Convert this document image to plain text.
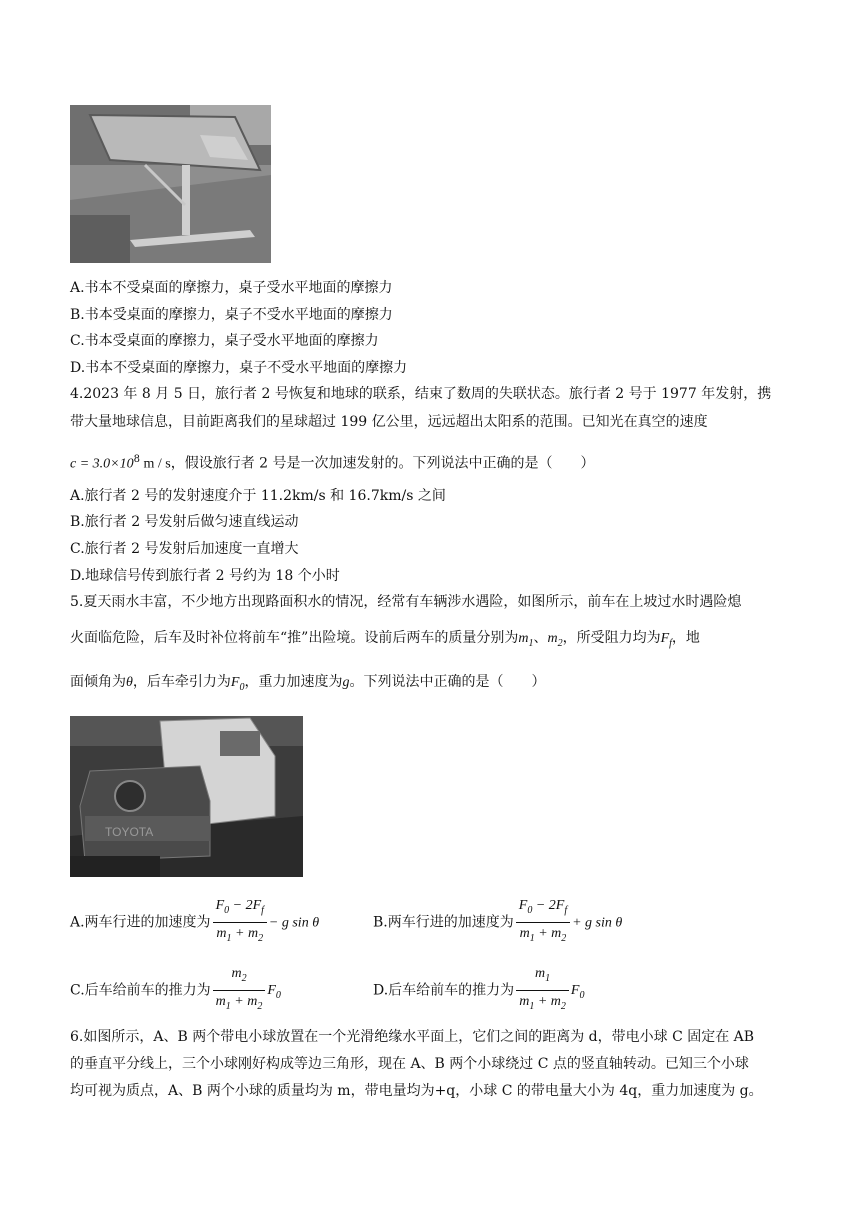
A.书本不受桌面的摩擦力，桌子受水平地面的摩擦力
B.书本受桌面的摩擦力，桌子不受水平地面的摩擦力
C.书本受桌面的摩擦力，桌子受水平地面的摩擦力
D.书本不受桌面的摩擦力，桌子不受水平地面的摩擦力
4.2023 年 8 月 5 日，旅行者 2 号恢复和地球的联系，结束了数周的失联状态。旅行者 2 号于 1977 年发射，携
带大量地球信息，目前距离我们的星球超过 199 亿公里，远远超出太阳系的范围。已知光在真空的速度
$c = 3.0\times 10^8$ m / s，假设旅行者 2 号是一次加速发射的。下列说法中正确的是（　　）
A.旅行者 2 号的发射速度介于 11.2km/s 和 16.7km/s 之间
B.旅行者 2 号发射后做匀速直线运动
C.旅行者 2 号发射后加速度一直增大
D.地球信号传到旅行者 2 号约为 18 个小时
5.夏天雨水丰富，不少地方出现路面积水的情况，经常有车辆涉水遇险，如图所示，前车在上坡过水时遇险熄
火面临危险，后车及时补位将前车“推”出险境。设前后两车的质量分别为$m_1$、$m_2$，所受阻力均为$F_f$，地
面倾角为θ，后车牵引力为$F_0$，重力加速度为g。下列说法中正确的是（　　）
TOYOTA
A.两车行进的加速度为 $\frac{F_0 - 2F_f}{m_1 + m_2} - g$ sin θ	B.两车行进的加速度为 $\frac{F_0 - 2F_f}{m_1 + m_2} + g$ sin θ
C.后车给前车的推力为 $\frac{m_2}{m_1 + m_2} F_0$	D.后车给前车的推力为 $\frac{m_1}{m_1 + m_2} F_0$
6.如图所示，A、B 两个带电小球放置在一个光滑绝缘水平面上，它们之间的距离为 d，带电小球 C 固定在 AB
的垂直平分线上，三个小球刚好构成等边三角形，现在 A、B 两个小球绕过 C 点的竖直轴转动。已知三个小球
均可视为质点，A、B 两个小球的质量均为 m，带电量均为+q，小球 C 的带电量大小为 4q，重力加速度为 g。
